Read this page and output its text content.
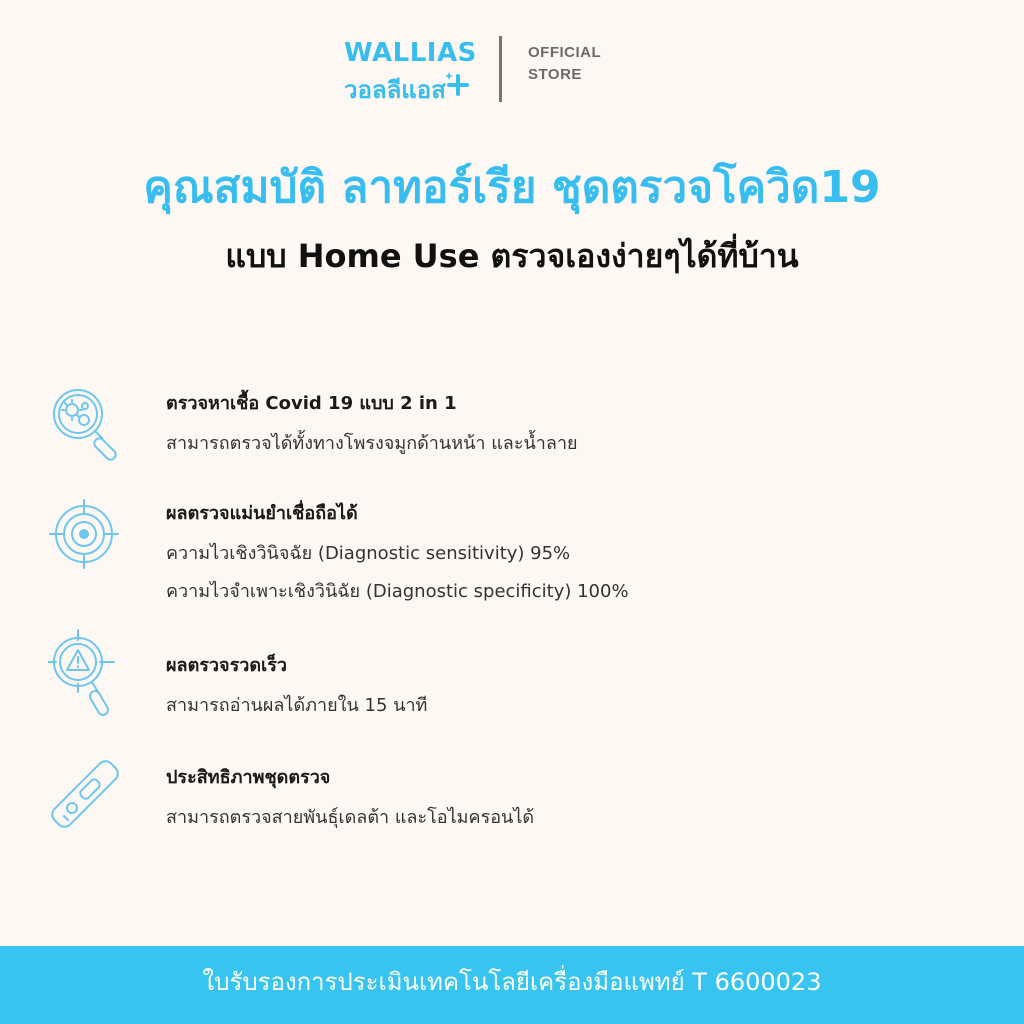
WALLIAS
วอลลีแอส
OFFICIAL
STORE
คุณสมบัติ ลาทอร์เรีย ชุดตรวจโควิด19
แบบ Home Use ตรวจเองง่ายๆได้ที่บ้าน
ตรวจหาเชื้อ Covid 19 แบบ 2 in 1
สามารถตรวจได้ทั้งทางโพรงจมูกด้านหน้า และน้ำลาย
ผลตรวจแม่นยำเชื่อถือได้
ความไวเชิงวินิจฉัย (Diagnostic sensitivity) 95%
ความไวจำเพาะเชิงวินิฉัย (Diagnostic specificity) 100%
ผลตรวจรวดเร็ว
สามารถอ่านผลได้ภายใน 15 นาที
ประสิทธิภาพชุดตรวจ
สามารถตรวจสายพันธุ์เดลต้า และโอไมครอนได้
ใบรับรองการประเมินเทคโนโลยีเครื่องมือแพทย์ T 6600023
